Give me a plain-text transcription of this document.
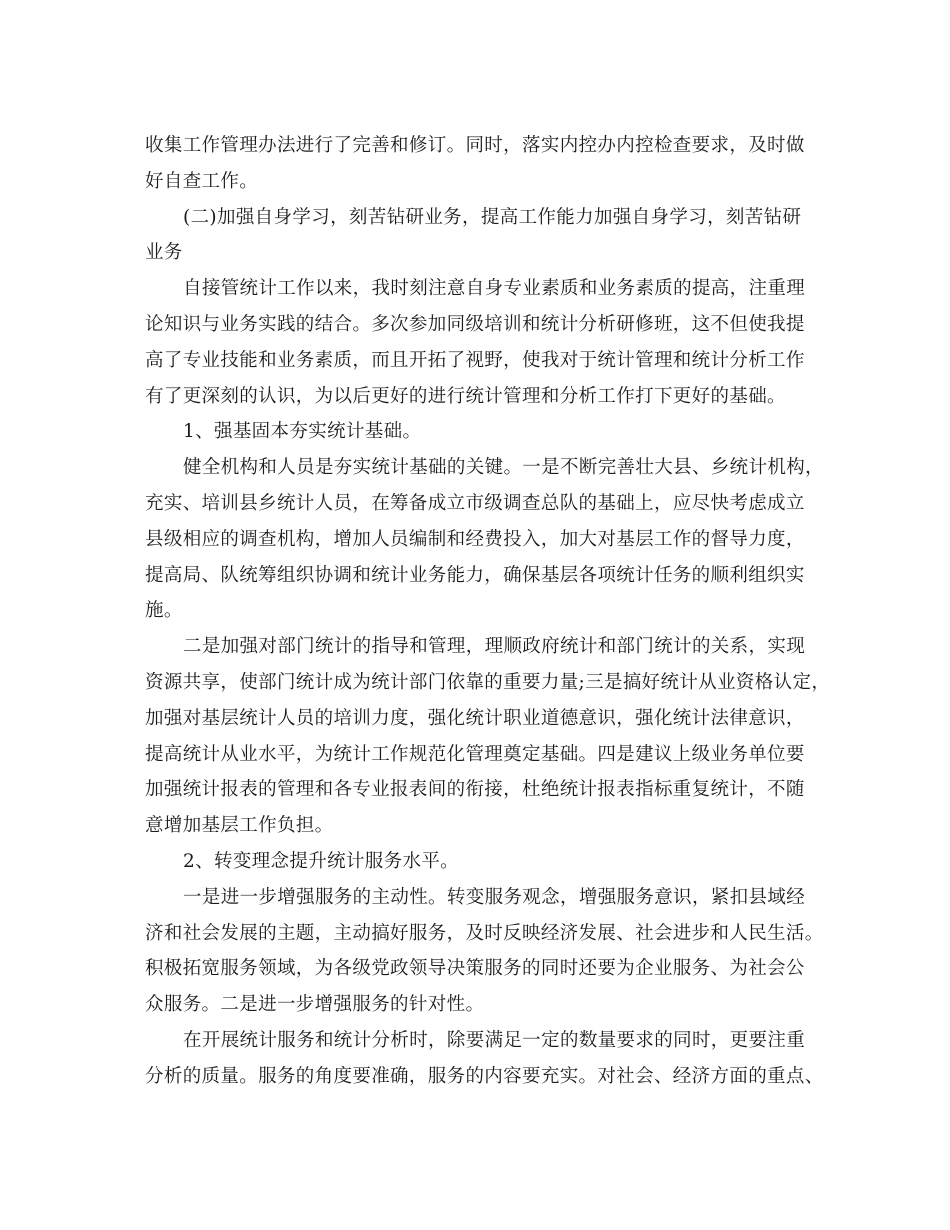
收集工作管理办法进行了完善和修订。同时，落实内控办内控检查要求，及时做
好自查工作。
(二)加强自身学习，刻苦钻研业务，提高工作能力加强自身学习，刻苦钻研
业务
自接管统计工作以来，我时刻注意自身专业素质和业务素质的提高，注重理
论知识与业务实践的结合。多次参加同级培训和统计分析研修班，这不但使我提
高了专业技能和业务素质，而且开拓了视野，使我对于统计管理和统计分析工作
有了更深刻的认识，为以后更好的进行统计管理和分析工作打下更好的基础。
1、强基固本夯实统计基础。
健全机构和人员是夯实统计基础的关键。一是不断完善壮大县、乡统计机构，
充实、培训县乡统计人员，在筹备成立市级调查总队的基础上，应尽快考虑成立
县级相应的调查机构，增加人员编制和经费投入，加大对基层工作的督导力度，
提高局、队统筹组织协调和统计业务能力，确保基层各项统计任务的顺利组织实
施。
二是加强对部门统计的指导和管理，理顺政府统计和部门统计的关系，实现
资源共享，使部门统计成为统计部门依靠的重要力量;三是搞好统计从业资格认定，
加强对基层统计人员的培训力度，强化统计职业道德意识，强化统计法律意识，
提高统计从业水平，为统计工作规范化管理奠定基础。四是建议上级业务单位要
加强统计报表的管理和各专业报表间的衔接，杜绝统计报表指标重复统计，不随
意增加基层工作负担。
2、转变理念提升统计服务水平。
一是进一步增强服务的主动性。转变服务观念，增强服务意识，紧扣县域经
济和社会发展的主题，主动搞好服务，及时反映经济发展、社会进步和人民生活。
积极拓宽服务领域，为各级党政领导决策服务的同时还要为企业服务、为社会公
众服务。二是进一步增强服务的针对性。
在开展统计服务和统计分析时，除要满足一定的数量要求的同时，更要注重
分析的质量。服务的角度要准确，服务的内容要充实。对社会、经济方面的重点、
